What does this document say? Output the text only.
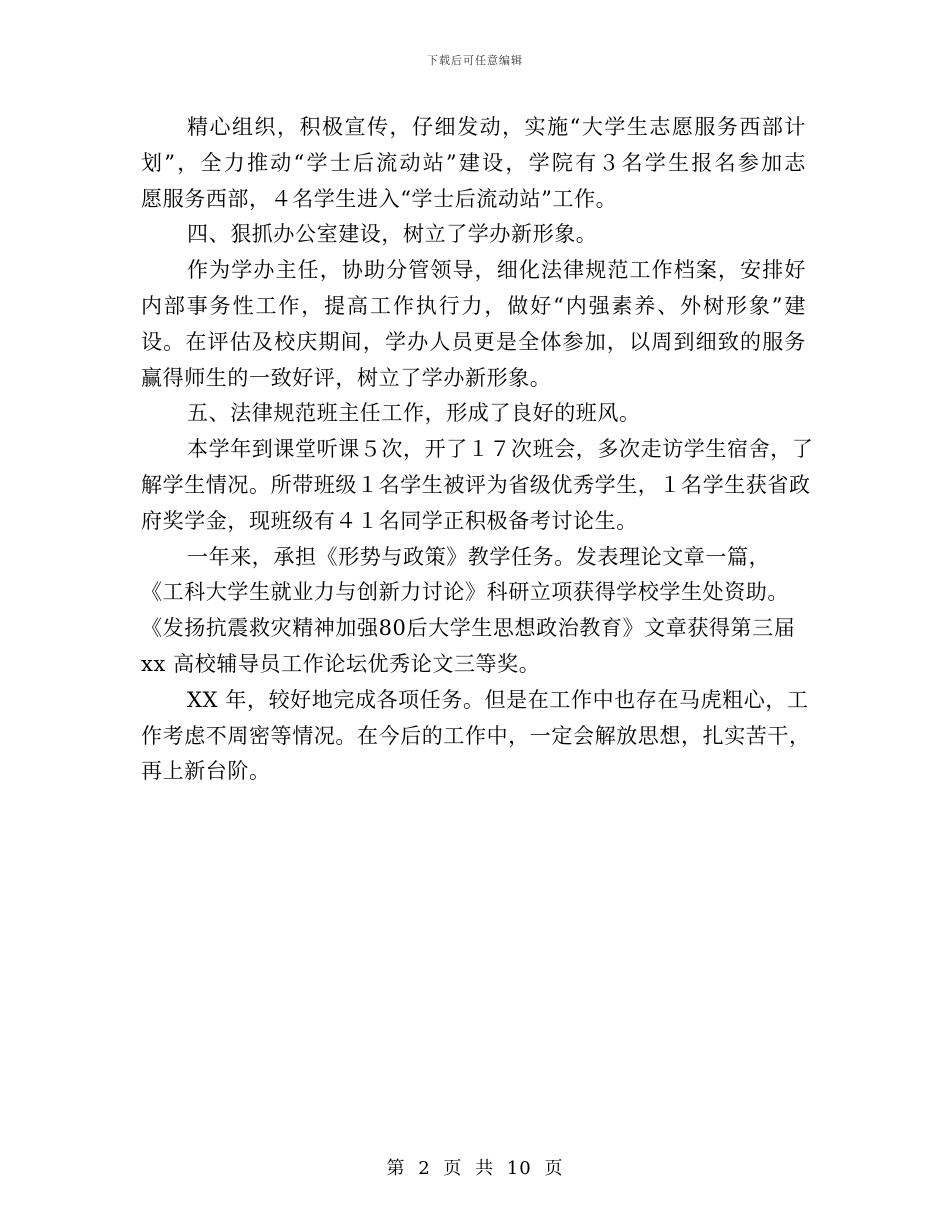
下载后可任意编辑
精心组织，积极宣传，仔细发动，实施“大学生志愿服务西部计
划”，全力推动“学士后流动站”建设，学院有３名学生报名参加志
愿服务西部，４名学生进入“学士后流动站”工作。
四、狠抓办公室建设，树立了学办新形象。
作为学办主任，协助分管领导，细化法律规范工作档案，安排好
内部事务性工作，提高工作执行力，做好“内强素养、外树形象”建
设。在评估及校庆期间，学办人员更是全体参加，以周到细致的服务
赢得师生的一致好评，树立了学办新形象。
五、法律规范班主任工作，形成了良好的班风。
本学年到课堂听课５次，开了１７次班会，多次走访学生宿舍，了
解学生情况。所带班级１名学生被评为省级优秀学生，１名学生获省政
府奖学金，现班级有４１名同学正积极备考讨论生。
一年来，承担《形势与政策》教学任务。发表理论文章一篇，
《工科大学生就业力与创新力讨论》科研立项获得学校学生处资助。
《发扬抗震救灾精神加强80后大学生思想政治教育》文章获得第三届
xx 高校辅导员工作论坛优秀论文三等奖。
XX 年，较好地完成各项任务。但是在工作中也存在马虎粗心，工
作考虑不周密等情况。在今后的工作中，一定会解放思想，扎实苦干，
再上新台阶。
第 2 页 共 10 页
